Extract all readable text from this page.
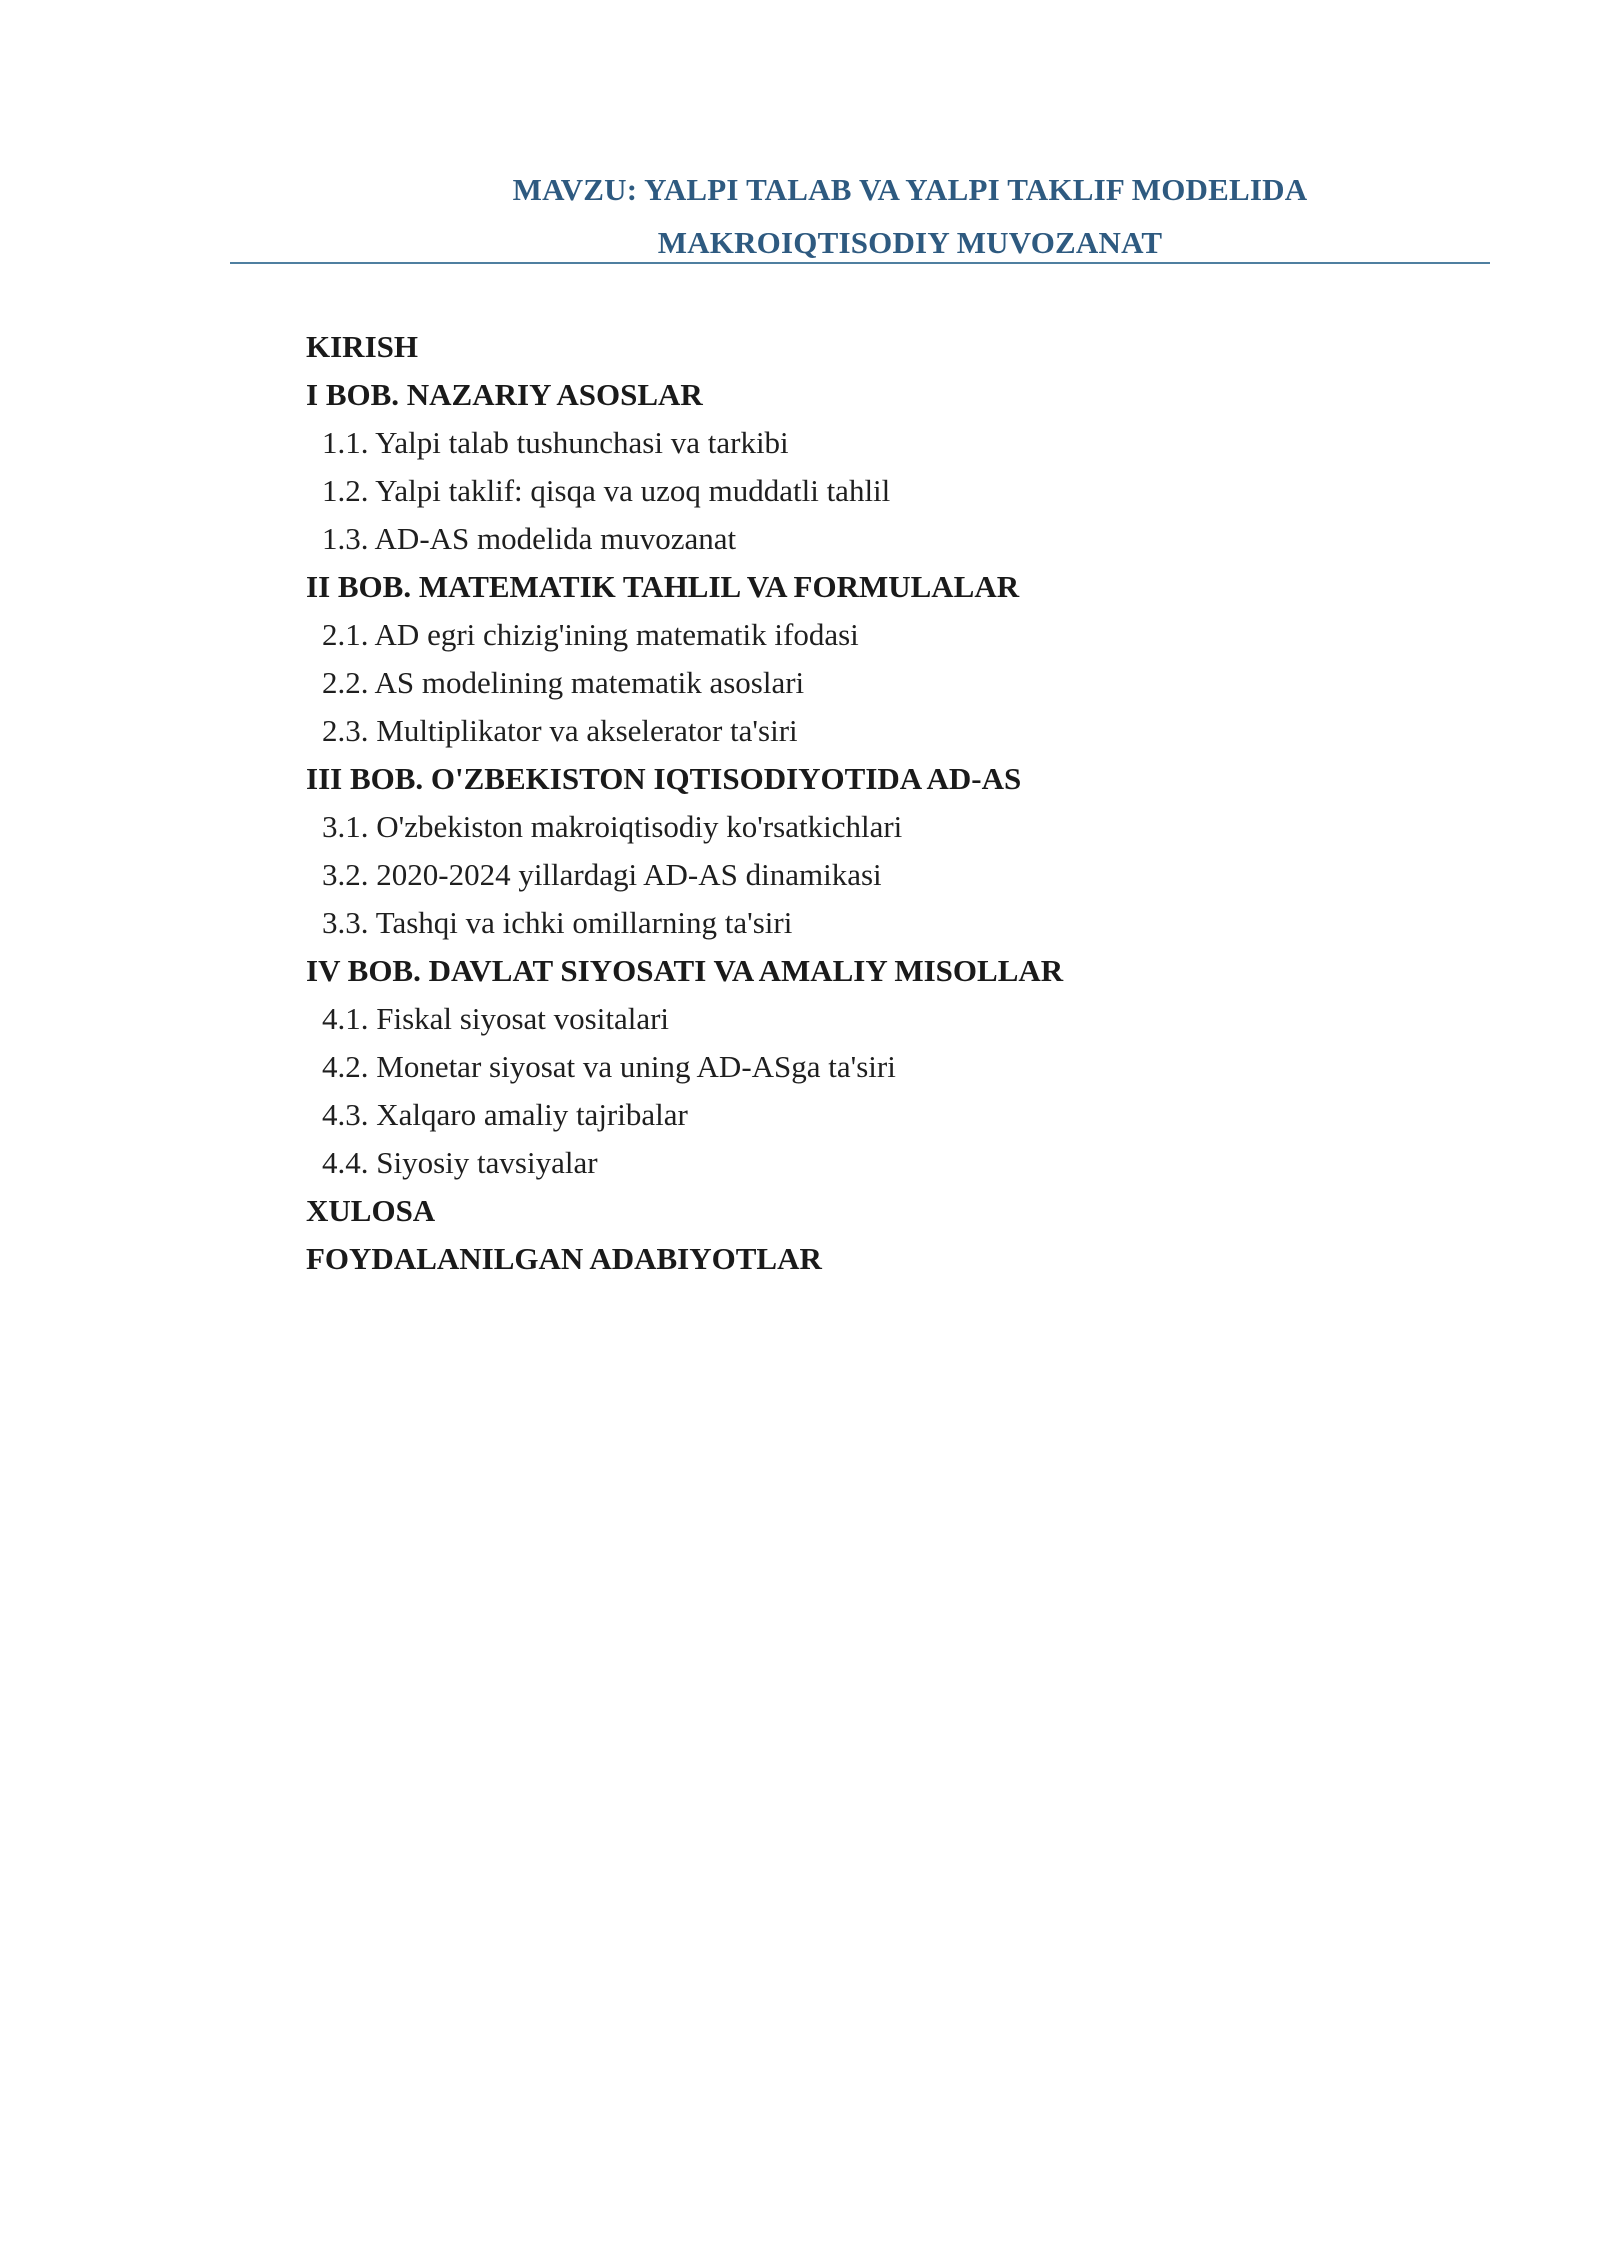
MAVZU: YALPI TALAB VA YALPI TAKLIF MODELIDA
MAKROIQTISODIY MUVOZANAT
KIRISH
I BOB. NAZARIY ASOSLAR
1.1. Yalpi talab tushunchasi va tarkibi
1.2. Yalpi taklif: qisqa va uzoq muddatli tahlil
1.3. AD-AS modelida muvozanat
II BOB. MATEMATIK TAHLIL VA FORMULALAR
2.1. AD egri chizig'ining matematik ifodasi
2.2. AS modelining matematik asoslari
2.3. Multiplikator va akselerator ta'siri
III BOB. O'ZBEKISTON IQTISODIYOTIDA AD-AS
3.1. O'zbekiston makroiqtisodiy ko'rsatkichlari
3.2. 2020-2024 yillardagi AD-AS dinamikasi
3.3. Tashqi va ichki omillarning ta'siri
IV BOB. DAVLAT SIYOSATI VA AMALIY MISOLLAR
4.1. Fiskal siyosat vositalari
4.2. Monetar siyosat va uning AD-ASga ta'siri
4.3. Xalqaro amaliy tajribalar
4.4. Siyosiy tavsiyalar
XULOSA
FOYDALANILGAN ADABIYOTLAR
